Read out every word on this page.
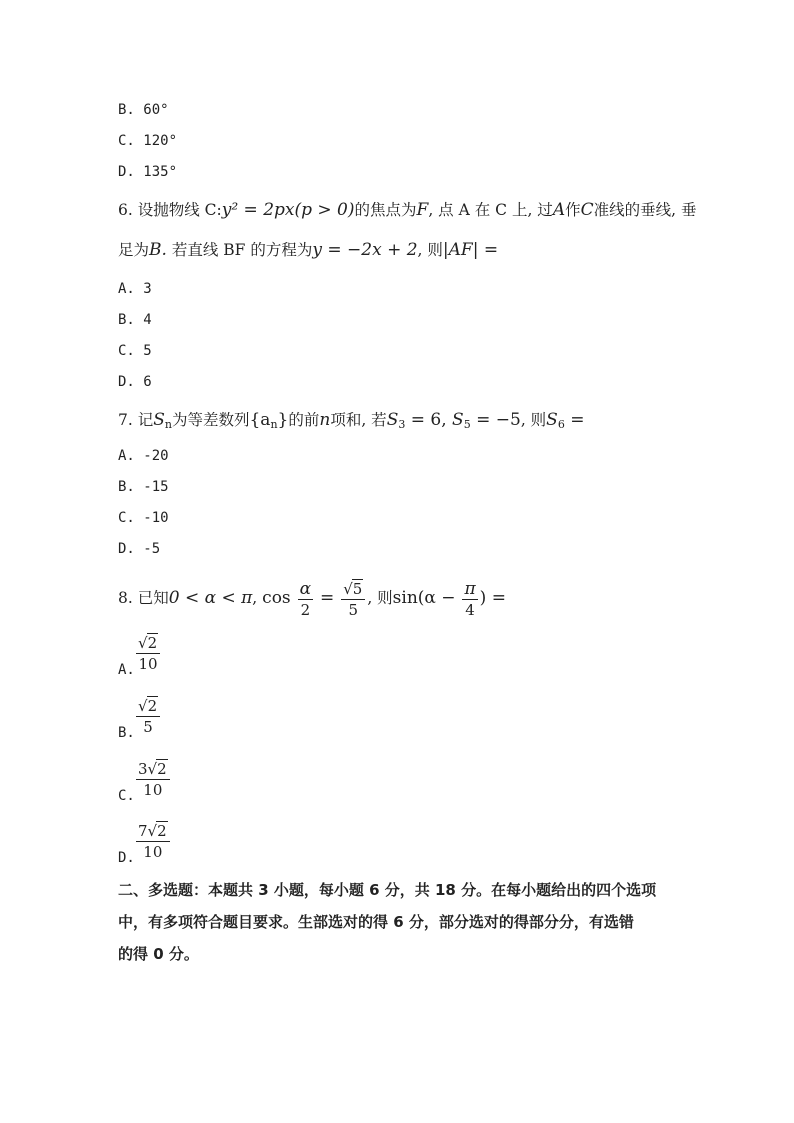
B. 60°
C. 120°
D. 135°
6. 设抛物线 C:y² = 2px(p > 0)的焦点为F, 点 A 在 C 上, 过A作C准线的垂线, 垂
足为B. 若直线 BF 的方程为y = −2x + 2, 则|AF| =
A. 3
B. 4
C. 5
D. 6
7. 记$S_n$为等差数列$\{a_n\}$的前n项和, 若$S_3 = 6$, $S_5 = -5$, 则$S_6$ =
A. -20
B. -15
C. -10
D. -5
8. 已知0 < α < π, $\cos \frac{\alpha}{2} = \frac{√5}{5}$ , 则$\sin(\alpha - \frac{\pi}{4}$ ) =
A. $\frac{√2}{10}$
B. $\frac{√2}{5}$
C. $\frac{3√2}{10}$
D. $\frac{7√2}{10}$
二、多选题：本题共 3 小题，每小题 6 分，共 18 分。在每小题给出的四个选项
中，有多项符合题目要求。生部选对的得 6 分，部分选对的得部分分，有选错
的得 0 分。
